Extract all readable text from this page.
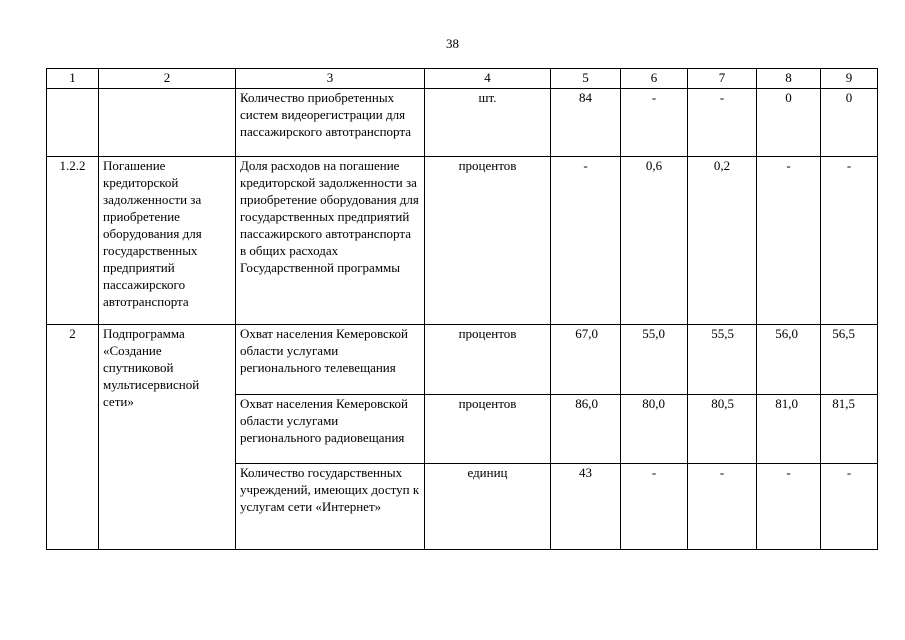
38
1	2	3	4	5	6	7	8	9
		Количество приобретенных систем видеорегистрации для пассажирского автотранспорта	шт.	84	-	-	0	0
1.2.2	Погашение кредиторской задолженности за приобретение оборудования для государственных предприятий пассажирского автотранспорта	Доля расходов на погашение кредиторской задолженности за приобретение оборудования для государственных предприятий пассажирского автотранспорта в общих расходах Государственной программы	процентов	-	0,6	0,2	-	-
2	Подпрограмма «Создание спутниковой мультисервисной сети»	Охват населения Кемеровской области услугами регионального телевещания	процентов	67,0	55,0	55,5	56,0	56,5
		Охват населения Кемеровской области услугами регионального радиовещания	процентов	86,0	80,0	80,5	81,0	81,5
		Количество государственных учреждений, имеющих доступ к услугам сети «Интернет»	единиц	43	-	-	-	-
